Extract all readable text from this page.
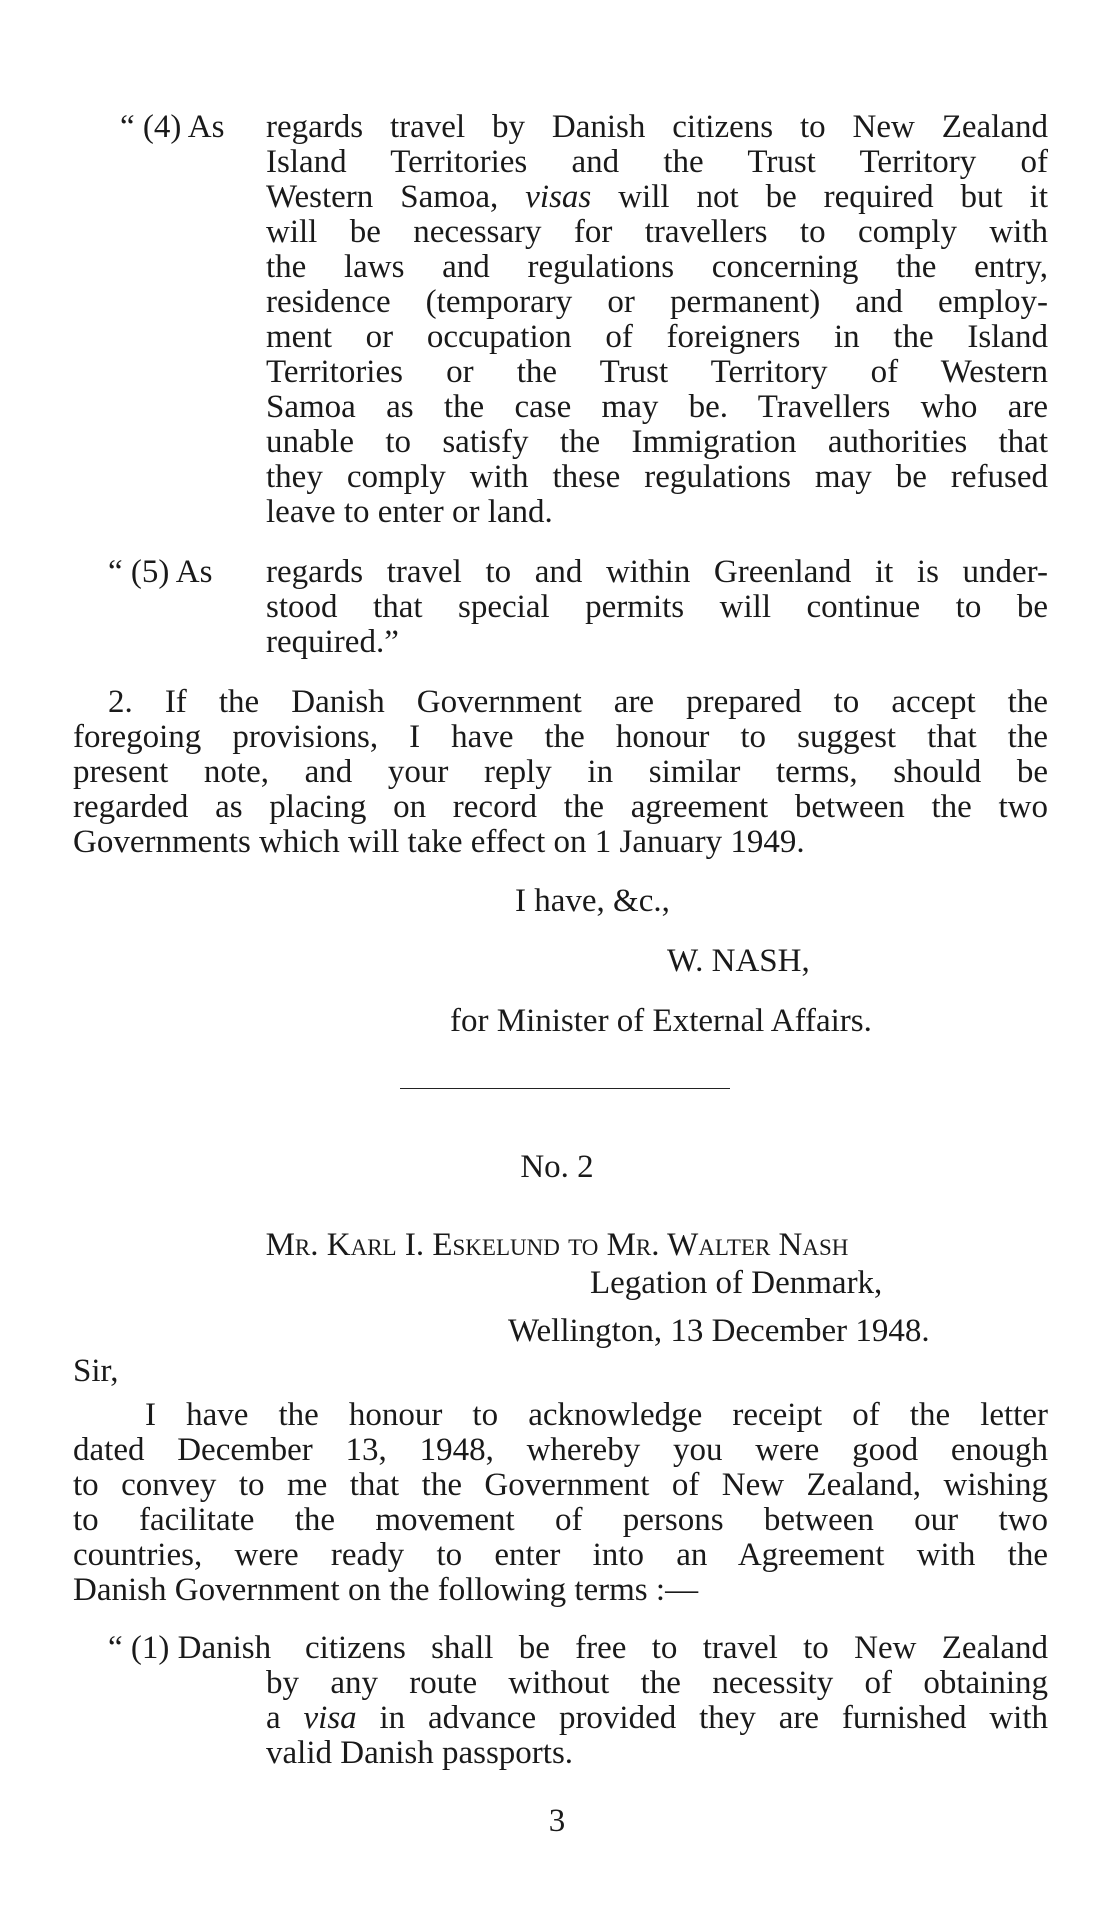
“ (4) As regards travel by Danish citizens to New Zealand
Island Territories and the Trust Territory of
Western Samoa, visas will not be required but it
will be necessary for travellers to comply with
the laws and regulations concerning the entry,
residence (temporary or permanent) and employ-
ment or occupation of foreigners in the Island
Territories or the Trust Territory of Western
Samoa as the case may be. Travellers who are
unable to satisfy the Immigration authorities that
they comply with these regulations may be refused
leave to enter or land.
“ (5) As regards travel to and within Greenland it is under-
stood that special permits will continue to be
required.”
2. If the Danish Government are prepared to accept the
foregoing provisions, I have the honour to suggest that the
present note, and your reply in similar terms, should be
regarded as placing on record the agreement between the two
Governments which will take effect on 1 January 1949.
I have, &c.,
W. NASH,
for Minister of External Affairs.
No. 2
Mr. Karl I. Eskelund to Mr. Walter Nash
Legation of Denmark,
Wellington, 13 December 1948.
Sir,
I have the honour to acknowledge receipt of the letter
dated December 13, 1948, whereby you were good enough
to convey to me that the Government of New Zealand, wishing
to facilitate the movement of persons between our two
countries, were ready to enter into an Agreement with the
Danish Government on the following terms :—
“ (1) Danish citizens shall be free to travel to New Zealand
by any route without the necessity of obtaining
a visa in advance provided they are furnished with
valid Danish passports.
3
